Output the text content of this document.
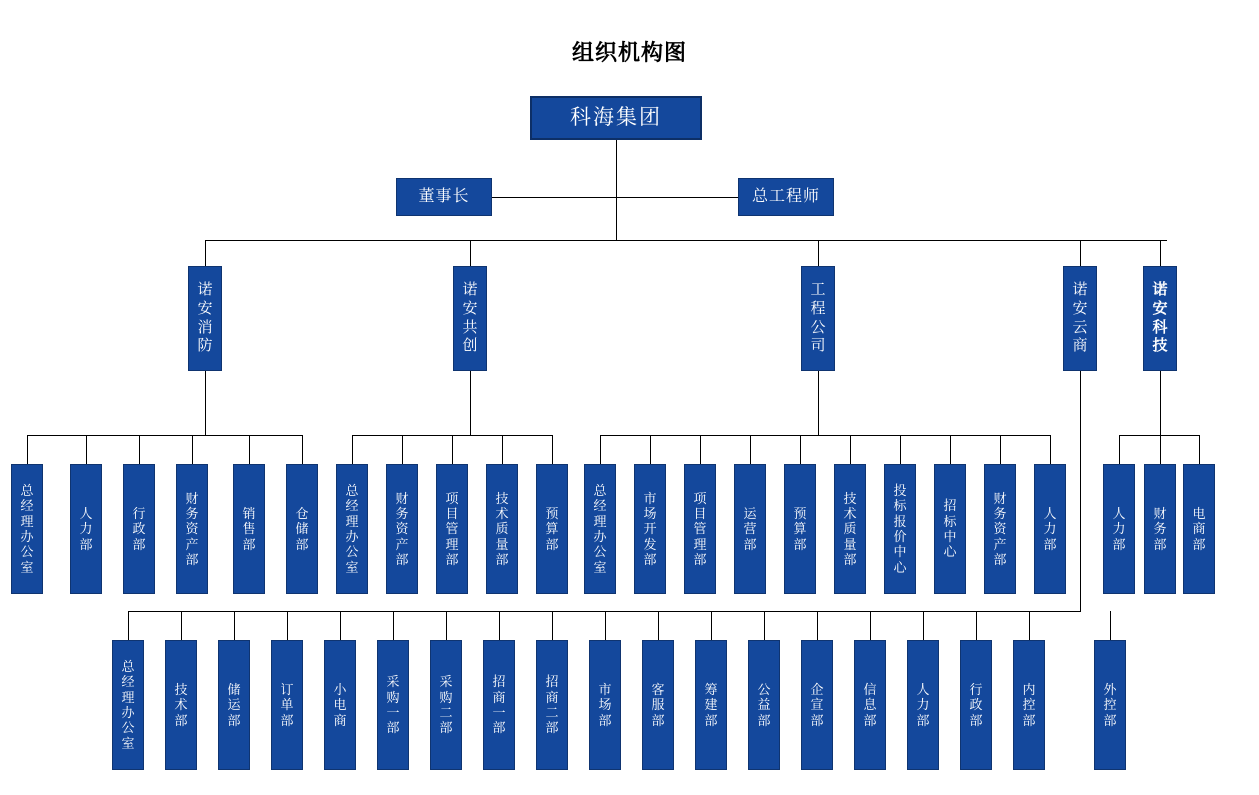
组织机构图
科海集团
董事长	总工程师
诺安消防
诺安共创
工程公司
诺安云商
诺安科技
总经理办公室
人力部
行政部
财务资产部
销售部
仓储部
总经理办公室
财务资产部
项目管理部
技术质量部
预算部
总经理办公室
市场开发部
项目管理部
运营部
预算部
技术质量部
投标报价中心
招标中心
财务资产部
人力部
人力部
财务部
电商部
总经理办公室
技术部
储运部
订单部
小电商
采购一部
采购二部
招商一部
招商二部
市场部
客服部
筹建部
公益部
企宣部
信息部
人力部
行政部
内控部
外控部
